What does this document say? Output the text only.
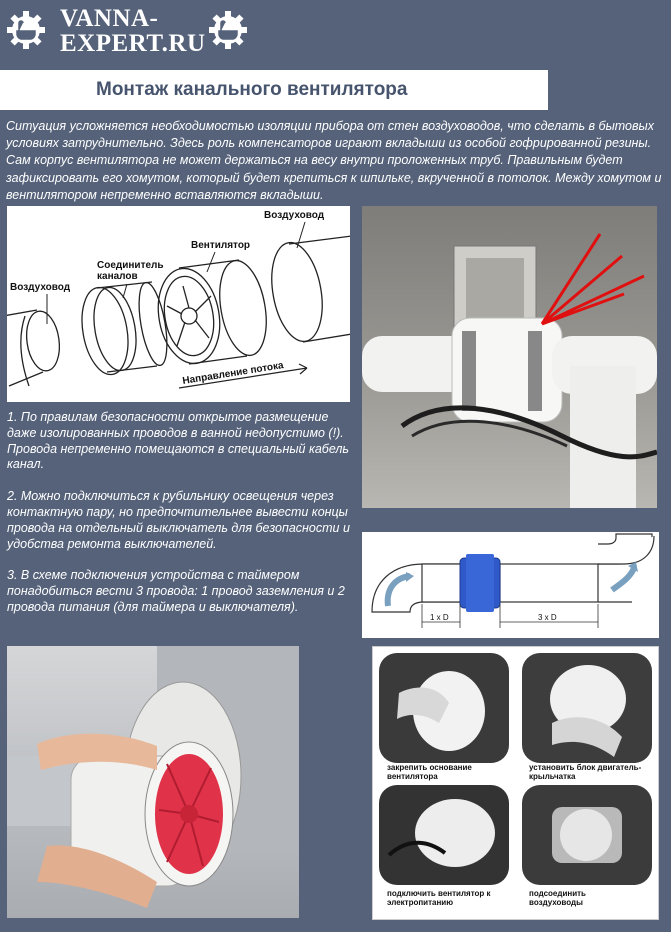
VANNA-
EXPERT.RU
Монтаж канального вентилятора
Ситуация усложняется необходимостью изоляции прибора от стен воздуховодов, что сделать в бытовых условиях затруднительно. Здесь роль компенсаторов играют вкладыши из особой гофрированной резины. Сам корпус вентилятора не может держаться на весу внутри проложенных труб. Правильным будет зафиксировать его хомутом, который будет крепиться к шпильке, вкрученной в потолок. Между хомутом и вентилятором непременно вставляются вкладыши.
Воздуховод
Соединитель каналов
Вентилятор
Воздуховод
Направление потока

1. По правилам безопасности открытое размещение даже изолированных проводов в ванной недопустимо (!). Провода непременно помещаются в специальный кабель канал.

2. Можно подключиться к рубильнику освещения через контактную пару, но предпочтительнее вывести концы провода на отдельный выключатель для безопасности и удобства ремонта выключателей.

3. В схеме подключения устройства с таймером понадобиться вести 3 провода: 1 провод заземления и 2 провода питания (для таймера и выключателя).

1 x D	3 x D
закрепить основание вентилятора
установить блок двигатель-крыльчатка
подключить вентилятор к электропитанию
подсоединить воздуховоды
